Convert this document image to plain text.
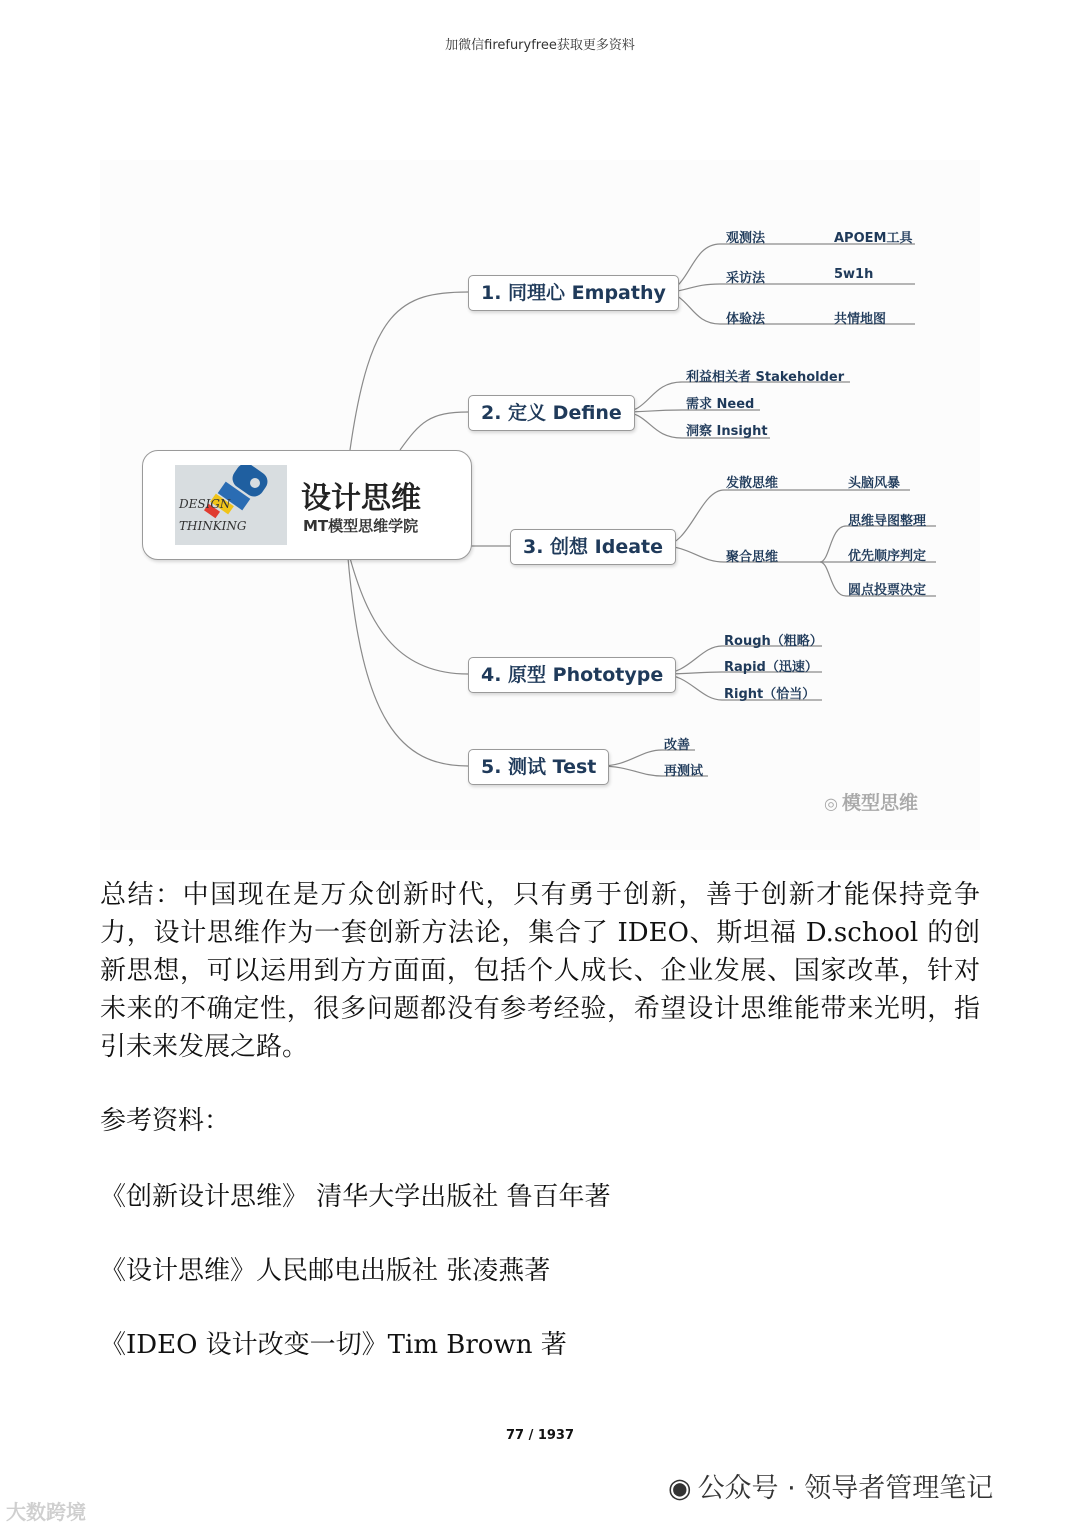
加微信firefuryfree获取更多资料
DESIGN
THINKING
设计思维
MT模型思维学院
1. 同理心 Empathy
观测法	APOEM工具
采访法	5w1h
体验法	共情地图
2. 定义 Define
利益相关者 Stakeholder
需求 Need
洞察 Insight
3. 创想 Ideate
发散思维	头脑风暴
聚合思维
思维导图整理
优先顺序判定
圆点投票决定
4. 原型 Phototype
Rough（粗略）
Rapid（迅速）
Right（恰当）
5. 测试 Test
改善
再测试
◎ 模型思维
总结：中国现在是万众创新时代，只有勇于创新，善于创新才能保持竞争力，设计思维作为一套创新方法论，集合了 IDEO、斯坦福 D.school 的创新思想，可以运用到方方面面，包括个人成长、企业发展、国家改革，针对未来的不确定性，很多问题都没有参考经验，希望设计思维能带来光明，指引未来发展之路。
参考资料：
《创新设计思维》 清华大学出版社 鲁百年著
《设计思维》人民邮电出版社 张凌燕著
《IDEO 设计改变一切》Tim Brown 著
77 / 1937
◉ 公众号 · 领导者管理笔记
大数跨境
